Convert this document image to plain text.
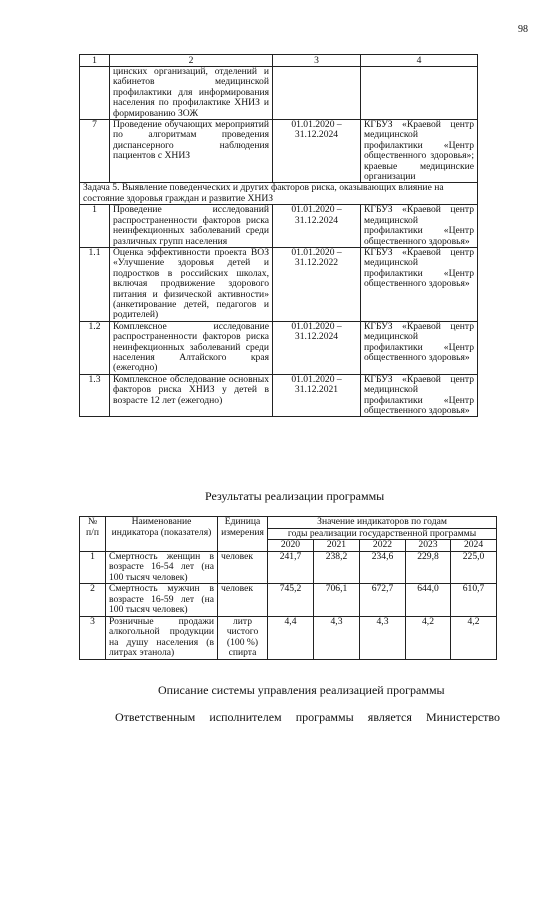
98
1	2	3	4
	цинских организаций, отделений и кабинетов медицинской профилактики для информирования населения по профилактике ХНИЗ и формированию ЗОЖ		
7	Проведение обучающих мероприятий по алгоритмам проведения диспансерного наблюдения пациентов с ХНИЗ	01.01.2020 – 31.12.2024	КГБУЗ «Краевой центр медицинской профилактики «Центр общественного здоровья»; краевые медицинские организации
Задача 5. Выявление поведенческих и других факторов риска, оказывающих влияние на состояние здоровья граждан и развитие ХНИЗ			
1	Проведение исследований распространенности факторов риска неинфекционных заболеваний среди различных групп населения	01.01.2020 – 31.12.2024	КГБУЗ «Краевой центр медицинской профилактики «Центр общественного здоровья»
1.1	Оценка эффективности проекта ВОЗ «Улучшение здоровья детей и подростков в российских школах, включая продвижение здорового питания и физической активности» (анкетирование детей, педагогов и родителей)	01.01.2020 – 31.12.2022	КГБУЗ «Краевой центр медицинской профилактики «Центр общественного здоровья»
1.2	Комплексное исследование распространенности факторов риска неинфекционных заболеваний среди населения Алтайского края (ежегодно)	01.01.2020 – 31.12.2024	КГБУЗ «Краевой центр медицинской профилактики «Центр общественного здоровья»
1.3	Комплексное обследование основных факторов риска ХНИЗ у детей в возрасте 12 лет (ежегодно)	01.01.2020 – 31.12.2021	КГБУЗ «Краевой центр медицинской профилактики «Центр общественного здоровья»
Результаты реализации программы
№ п/п	Наименование индикатора (показателя)	Единица измерения	Значение индикаторов по годам				
			годы реализации государственной программы				
			2020	2021	2022	2023	2024
1	Смертность женщин в возрасте 16-54 лет (на 100 тысяч человек)	человек	241,7	238,2	234,6	229,8	225,0
2	Смертность мужчин в возрасте 16-59 лет (на 100 тысяч человек)	человек	745,2	706,1	672,7	644,0	610,7
3	Розничные продажи алкогольной продукции на душу населения (в литрах этанола)	литр чистого (100 %) спирта	4,4	4,3	4,3	4,2	4,2
Описание системы управления реализацией программы
Ответственным исполнителем программы является Министерство
